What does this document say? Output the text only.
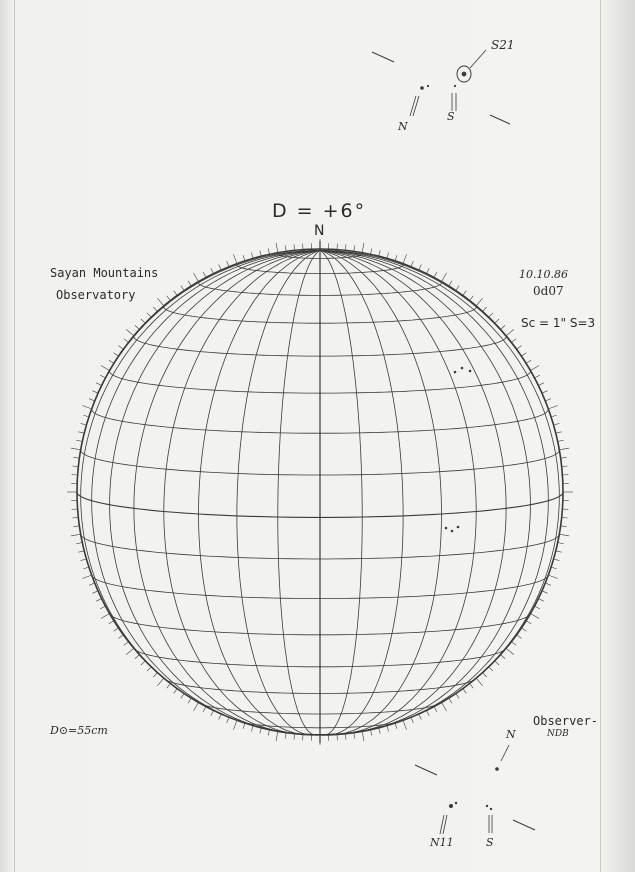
D = +6°
N
Sayan Mountains
Observatory
10.10.86
0d07
Sc = 1" S=3
D⊙=55cm
Observer-
NDB
S21
N
S
N
N11	S
